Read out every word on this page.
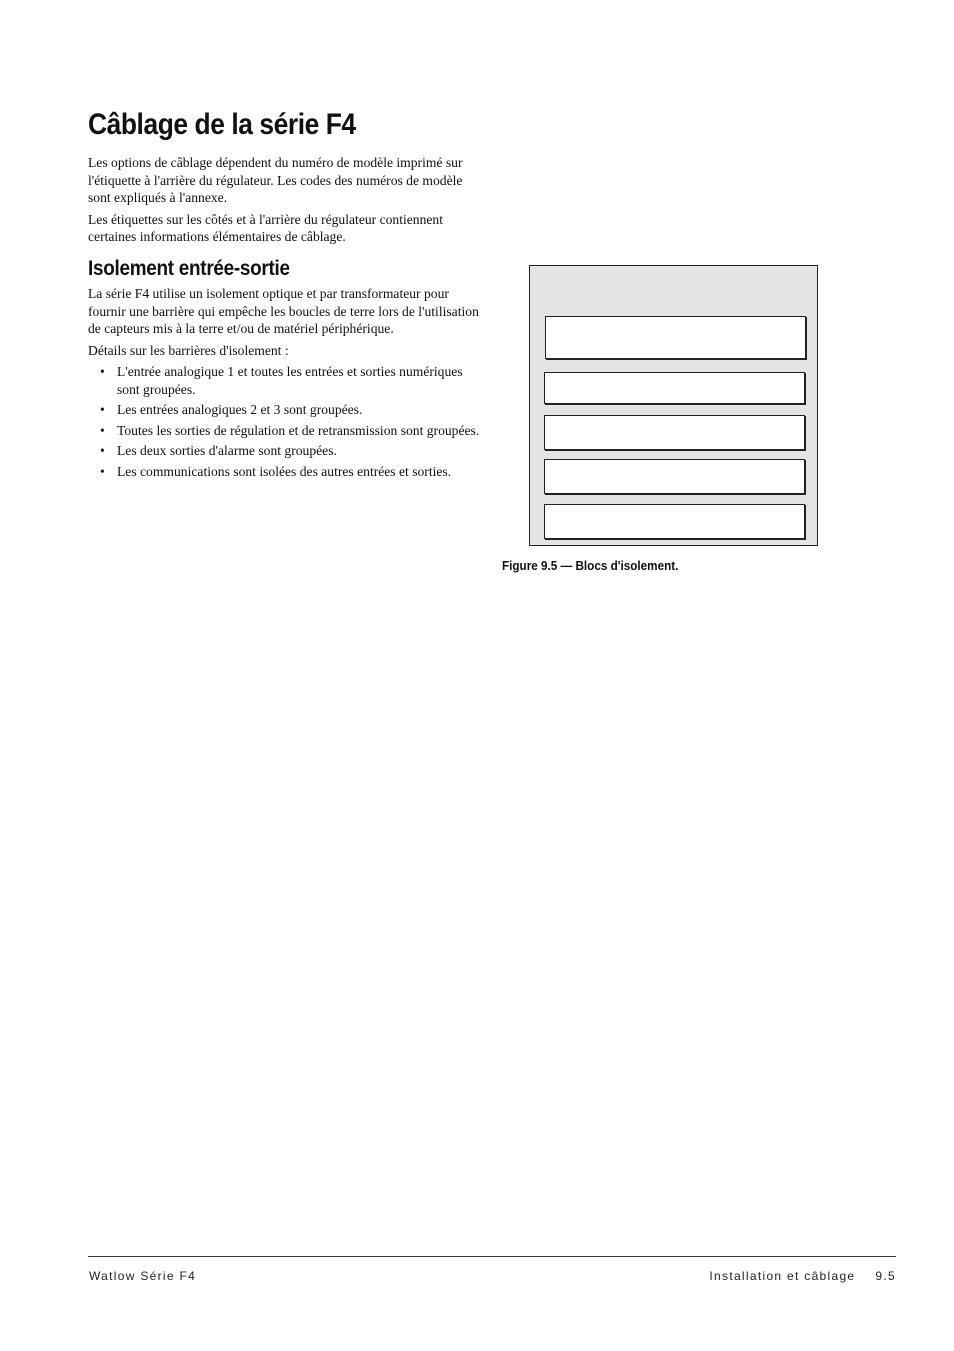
Câblage de la série F4

Les options de câblage dépendent du numéro de modèle imprimé sur l'étiquette à l'arrière du régulateur. Les codes des numéros de modèle sont expliqués à l'annexe.

Les étiquettes sur les côtés et à l'arrière du régulateur contiennent certaines informations élémentaires de câblage.

Isolement entrée-sortie

La série F4 utilise un isolement optique et par transformateur pour fournir une barrière qui empêche les boucles de terre lors de l'utilisation de capteurs mis à la terre et/ou de matériel périphérique.

Détails sur les barrières d'isolement :

• L'entrée analogique 1 et toutes les entrées et sorties numériques sont groupées.
• Les entrées analogiques 2 et 3 sont groupées.
• Toutes les sorties de régulation et de retransmission sont groupées.
• Les deux sorties d'alarme sont groupées.
• Les communications sont isolées des autres entrées et sorties.
Figure 9.5 — Blocs d'isolement.
Watlow Série F4	Installation et câblage 9.5
